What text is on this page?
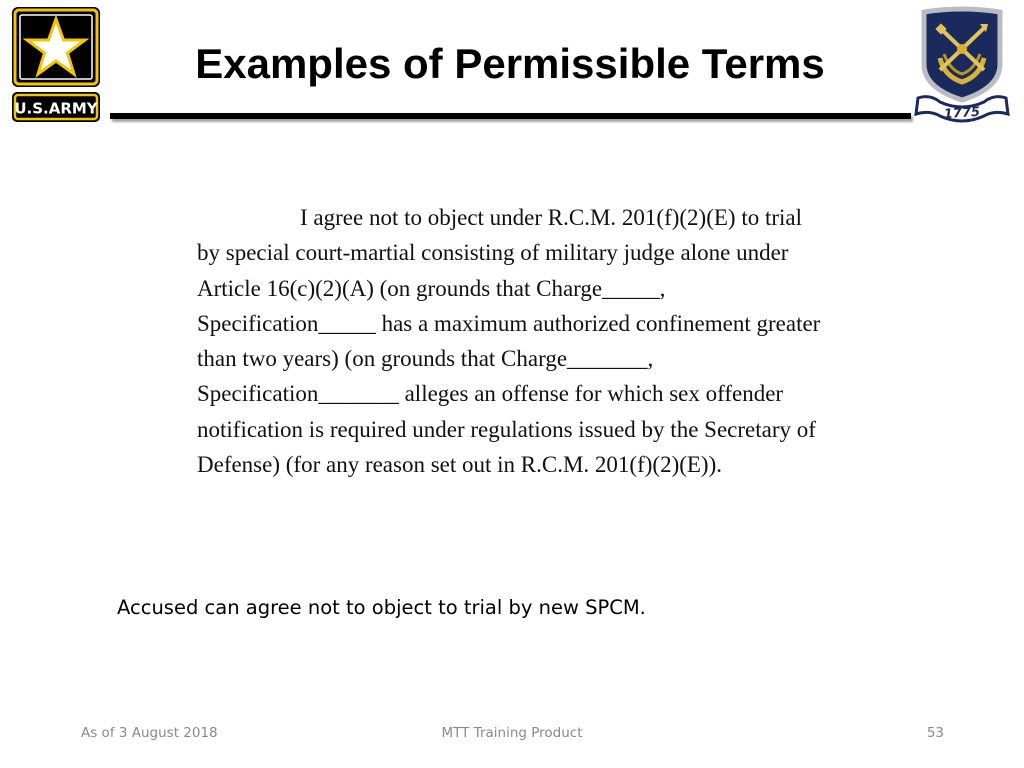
U.S.ARMY
Examples of Permissible Terms
1775

I agree not to object under R.C.M. 201(f)(2)(E) to trial by special court-martial consisting of military judge alone under Article 16(c)(2)(A) (on grounds that Charge_____, Specification_____ has a maximum authorized confinement greater than two years) (on grounds that Charge_______, Specification_______ alleges an offense for which sex offender notification is required under regulations issued by the Secretary of Defense) (for any reason set out in R.C.M. 201(f)(2)(E)).

Accused can agree not to object to trial by new SPCM.
As of 3 August 2018	MTT Training Product	53
